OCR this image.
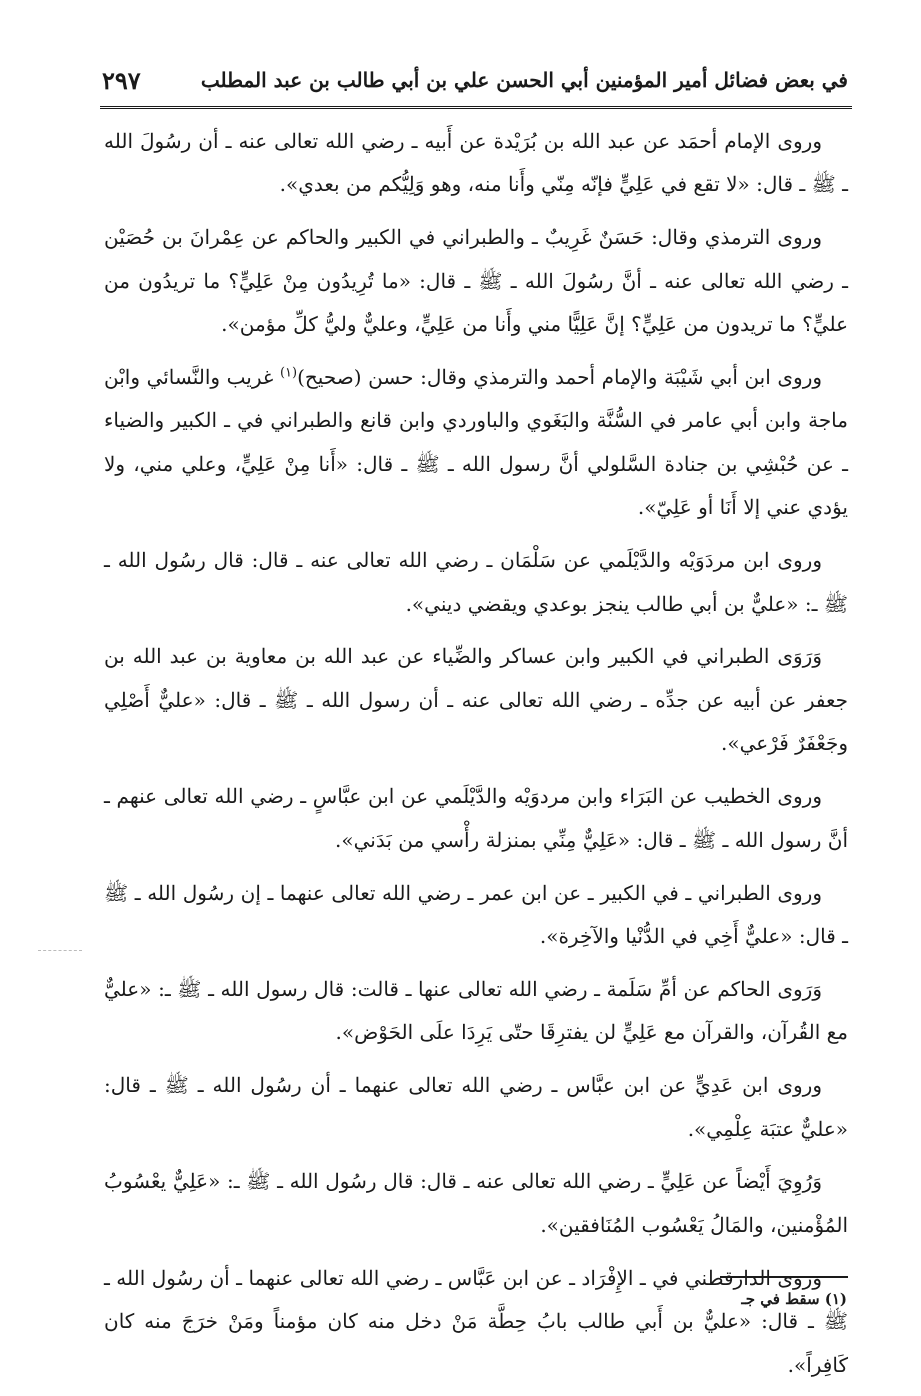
في بعض فضائل أمير المؤمنين أبي الحسن علي بن أبي طالب بن عبد المطلب
٢٩٧

وروى الإمام أحمَد عن عبد الله بن بُرَيْدة عن أَبيه ـ رضي الله تعالى عنه ـ أن رسُولَ الله ـ ﷺ ـ قال: «لا تقع في عَلِيٍّ فإنّه مِنّي وأَنا منه، وهو وَلِيُّكم من بعدي».

وروى الترمذي وقال: حَسَنٌ غَرِيبٌ ـ والطبراني في الكبير والحاكم عن عِمْرانَ بن حُصَيْن ـ رضي الله تعالى عنه ـ أنَّ رسُولَ الله ـ ﷺ ـ قال: «ما تُرِيدُون مِنْ عَلِيٍّ؟ ما تريدُون من عليٍّ؟ ما تريدون من عَلِيٍّ؟ إنَّ عَلِيًّا مني وأَنا من عَلِيٍّ، وعليٌّ وليُّ كلِّ مؤمن».

وروى ابن أبي شَيْبَة والإمام أحمد والترمذي وقال: حسن (صحيح)$^{(١)}$ غريب والنَّسائي وابْن ماجة وابن أبي عامر في السُّنَّة والبَغَوي والباوردي وابن قانع والطبراني في ـ الكبير والضياء ـ عن حُبْشِي بن جنادة السَّلولي أنَّ رسول الله ـ ﷺ ـ قال: «أَنا مِنْ عَلِيٍّ، وعلي مني، ولا يؤدي عني إلا أَنَا أو عَلِيّ».

وروى ابن مردَوَيْه والدَّيْلَمي عن سَلْمَان ـ رضي الله تعالى عنه ـ قال: قال رسُول الله ـ ﷺ ـ: «عليٌّ بن أبي طالب ينجز بوعدي ويقضي ديني».

وَرَوَى الطبراني في الكبير وابن عساكر والضِّياء عن عبد الله بن معاوية بن عبد الله بن جعفر عن أبيه عن جدِّه ـ رضي الله تعالى عنه ـ أن رسول الله ـ ﷺ ـ قال: «عليٌّ أَصْلِي وجَعْفَرٌ فَرْعي».

وروى الخطيب عن البَرَاء وابن مردوَيْه والدَّيْلَمي عن ابن عبَّاسٍ ـ رضي الله تعالى عنهم ـ أنَّ رسول الله ـ ﷺ ـ قال: «عَلِيٌّ مِنِّي بمنزلة رأْسي من بَدَني».

وروى الطبراني ـ في الكبير ـ عن ابن عمر ـ رضي الله تعالى عنهما ـ إن رسُول الله ـ ﷺ ـ قال: «عليٌّ أَخِي في الدُّنْيا والآخِرة».

وَرَوى الحاكم عن أمِّ سَلَمة ـ رضي الله تعالى عنها ـ قالت: قال رسول الله ـ ﷺ ـ: «عليٌّ مع القُرآن، والقرآن مع عَلِيٍّ لن يفترِقَا حتّى يَرِدَا علَى الحَوْض».

وروى ابن عَدِيٍّ عن ابن عبَّاس ـ رضي الله تعالى عنهما ـ أن رسُول الله ـ ﷺ ـ قال: «عليٌّ عتبَة عِلْمِي».

وَرُوِيَ أَيْضاً عن عَلِيٍّ ـ رضي الله تعالى عنه ـ قال: قال رسُول الله ـ ﷺ ـ: «عَلِيٌّ يعْسُوبُ المُؤْمنين، والمَالُ يَعْسُوب المُنَافقين».

وروى الدارقطني في ـ الإِفْرَاد ـ عن ابن عَبَّاس ـ رضي الله تعالى عنهما ـ أن رسُول الله ـ ﷺ ـ قال: «عليٌّ بن أَبي طالب بابُ حِطَّة مَنْ دخل منه كان مؤمناً ومَنْ خرَجَ منه كان كَافِراً».

(١) سقط في جـ
